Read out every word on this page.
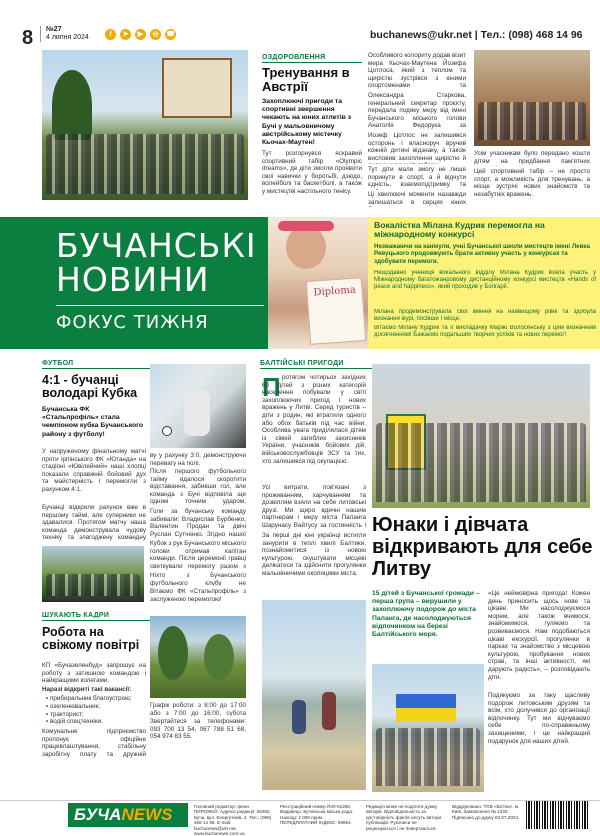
8 №27
4 липня 2024	f	➤	▶	◎	☎	buchanews@ukr.net | Тел.: (098) 468 14 96
ОЗДОРОВЛЕННЯ
Тренування в Австрії
Захоплюючі пригоди та спортивні звершення чекають на юних атлетів з Бучі у мальовничому австрійському містечку Кьочах-Маутен!
Тут розгорнувся яскравий спортивний табір «Olympic dreams», де діти змогли проявити свої навички у боротьбі, дзюдо, волейболі та баскетболі, а також у мистецтві настільного тенісу.
Особливого колориту додав візит мера Кьочах-Маутена Йозефа Цотлоса, який з теплом та щирістю зустрівся з юними спортсменами та
Олександра Старкова, генеральний секретар проєкту, передала подяку меру від імені Бучанського міського голови Анатолія Федорука за
Йозеф Цотлос не залишився осторонь і власноруч вручив кожній дитині відзнаку, а також висловив захоплення щирістю й
Тут діти мали змогу не лише поринути в спорт, а й відчути єдність, взаємопідтримку та
Ці хвилюючі моменти назавжди залишаться в серцях юних
Усім учасникам було передано кошти дітям на придбання пам'ятних
Цей спортивний табір – не просто спорт, а можливість для тренувань, а місце зустрічі нових знайомств та незабутніх вражень.
БУЧАНСЬКІ
НОВИНИ
ФОКУС ТИЖНЯ
Diploma
Вокалістка Мілана Кудрик перемогла на міжнародному конкурсі
Незважаючи на канікули, учні Бучанської школи мистецтв імені Левка Ревуцького продовжують брати активну участь у конкурсах та здобувати перемоги.
Нещодавно учениця вокального відділу Мілана Кудрик взяла участь у Міжнародному багатожанровому дистанційному конкурсі мистецтв «Hands of peace and happiness», який проходив у Болгарії.
Мілана продемонструвала свої вміння на найвищому рівні та здобула визнання журі, посівши I місце.
Вітаємо Мілану Кудрик та її викладачку Марію Волосенську з цим визначним досягненням! Бажаємо подальших творчих успіхів та нових перемог!
ФУТБОЛ
4:1 - бучанці володарі Кубка
Бучанська ФК «Стальпрофіль» стала чемпіоном кубка Бучанського району з футболу!
У напруженому фінальному матчі проти ірпінського ФК «Ютанда» на стадіоні «Ювілейний» наші хлопці показали справжній бойовий дух та майстерність і перемогли з рахунком 4:1.
Бучанці відкрили рахунок вже в першому таймі, але суперники не здавалися. Протягом матчу наша команда демонструвала чудову техніку та злагоджену командну
ву у рахунку 3:0, демонструючи перевагу на полі.
Після першого футбольного тайму вдалося скоротити відставання, забивши гол, але команда з Бучі відповіла ще одним точним ударом,
Голи за бучанську команду забивали: Владислав Бурбенко, Валентин Продан та двічі Руслан Сутченко. Згідно нашої
Кубок з рук Бучанського міського голови отримав капітан команди. Після церемонії гравці святкували перемогу разом з
Ніхто з Бучанського футбольного клубу не
Вітаємо ФК «Стальпрофіль» з заслуженою перемогою!
ШУКАЮТЬ КАДРИ
Робота на свіжому повітрі
КП «Бучазеленбуд» запрошує на роботу з затишною командою і найкращими колегами.
Наразі відкриті такі вакансії:
• прибиральник благоустрою;
• озеленювальник;
• тракторист;
• водій спецтехніки.
Комунальне підприємство пропонує офіційне працевлаштування, стабільну заробітну плату та дружній
Графік роботи: з 8:00 до 17:00 або з 7:00 до 16:00, субота
Звертайтеся за телефонами: 093 700 13 54, 067 788 51 68, 054 974 83 55.
БАЛТІЙСЬКІ ПРИГОДИ
П ротягом чотирьох західних 60 дітей з різних категорій населення побували у світі захоплюючих пригод і нових вражень у Литві. Серед туристів – діти з родин, які втратили одного або обох батьків під час війни. Особлива увага приділялася дітям із сімей загиблих захисників України, учасників бойових дій, військовослужбовців ЗСУ та тих, хто залишився під окупацією.
Усі витрати, пов'язані з проживанням, харчуванням та дозвіллям взяли на себе литовські друзі. Ми щиро вдячні нашим партнерам і меру міста Паланга Шарунасу Вайтусу за гостинність і
За перші дні юні українці встигли занурити в теплі хвилі Балтики, познайомитися із новою культурою, скуштувати місцеві делікатеси та здійснити прогулянки мальовничими околицями міста.
Юнаки і дівчата відкривають для себе Литву
15 дітей з Бучанської громади – перша група – вирушили у захоплюючу подорож до міста Паланга, де насолоджуються відпочинком на березі Балтійського моря.
«Це неймовірна пригода! Кожен день приносить щось нове та цікаве. Ми насолоджуємося морем, але також вчимося, знайомимося, гуляємо та розвиваємося. Нам подобаються цікаві екскурсії, прогулянки в парках та знайомство з місцевою культурою, пробування нових страв, та інші активності, які дарують радість», – розповідають діти.
Подякуємо за таку щасливу подорож литовським друзям та всім, хто долучився до організації відпочинку. Тут ми відчуваємо себе по-справжньому захищеними, і це найкращий подарунок для наших дітей.
БУЧАNEWS	Головний редактор: Ірина ПИРОЖКО. Адреса редакції: 08292, Буча, вул. Енергетиків, 2. Тел.: (098) 468 14 96. E-mail: buchanews@ukr.net. www.buchanews.com.ua
Реєстраційний номер R30-01306. Видавець: Бучанська міська рада. Наклад: 2 000 прим. ПЕРЕДПЛАТНИЙ ІНДЕКС: 99854
Редакція може не поділяти думку авторів. Відповідальність за достовірність фактів несуть автори публікацій. Рукописи не рецензуються і не повертаються.
Віддруковано: ТОВ «Вістка», м. Київ. Замовлення № 1230. Підписано до друку 03.07.2024.
